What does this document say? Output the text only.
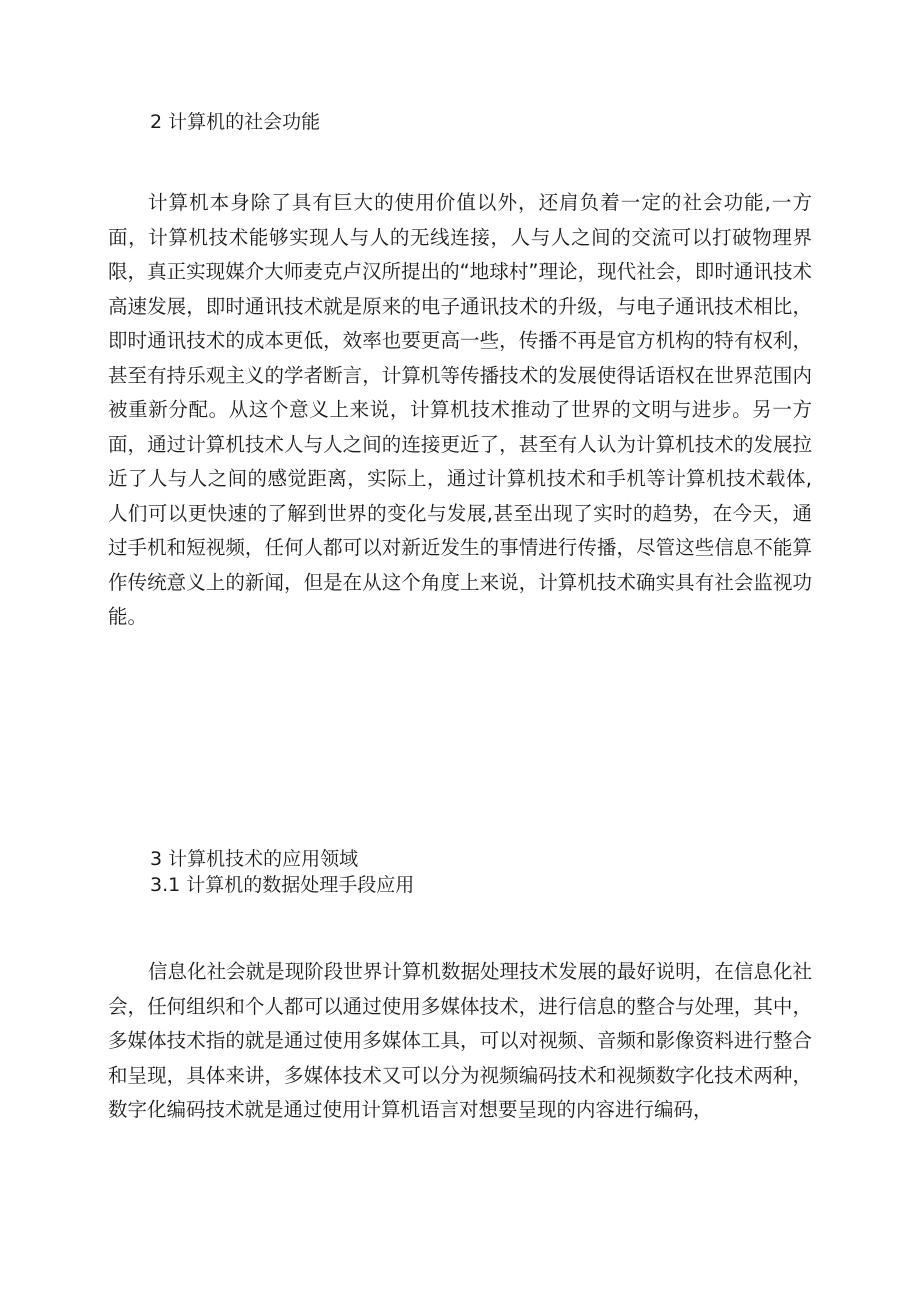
2 计算机的社会功能

计算机本身除了具有巨大的使用价值以外，还肩负着一定的社会功能,一方面，计算机技术能够实现人与人的无线连接，人与人之间的交流可以打破物理界限，真正实现媒介大师麦克卢汉所提出的“地球村”理论，现代社会，即时通讯技术高速发展，即时通讯技术就是原来的电子通讯技术的升级，与电子通讯技术相比，即时通讯技术的成本更低，效率也要更高一些，传播不再是官方机构的特有权利，甚至有持乐观主义的学者断言，计算机等传播技术的发展使得话语权在世界范围内被重新分配。从这个意义上来说，计算机技术推动了世界的文明与进步。另一方面，通过计算机技术人与人之间的连接更近了，甚至有人认为计算机技术的发展拉近了人与人之间的感觉距离，实际上，通过计算机技术和手机等计算机技术载体,人们可以更快速的了解到世界的变化与发展,甚至出现了实时的趋势，在今天，通过手机和短视频，任何人都可以对新近发生的事情进行传播，尽管这些信息不能算作传统意义上的新闻，但是在从这个角度上来说，计算机技术确实具有社会监视功能。

3 计算机技术的应用领域
3.1 计算机的数据处理手段应用

信息化社会就是现阶段世界计算机数据处理技术发展的最好说明，在信息化社会，任何组织和个人都可以通过使用多媒体技术，进行信息的整合与处理，其中，多媒体技术指的就是通过使用多媒体工具，可以对视频、音频和影像资料进行整合和呈现，具体来讲，多媒体技术又可以分为视频编码技术和视频数字化技术两种，数字化编码技术就是通过使用计算机语言对想要呈现的内容进行编码，
